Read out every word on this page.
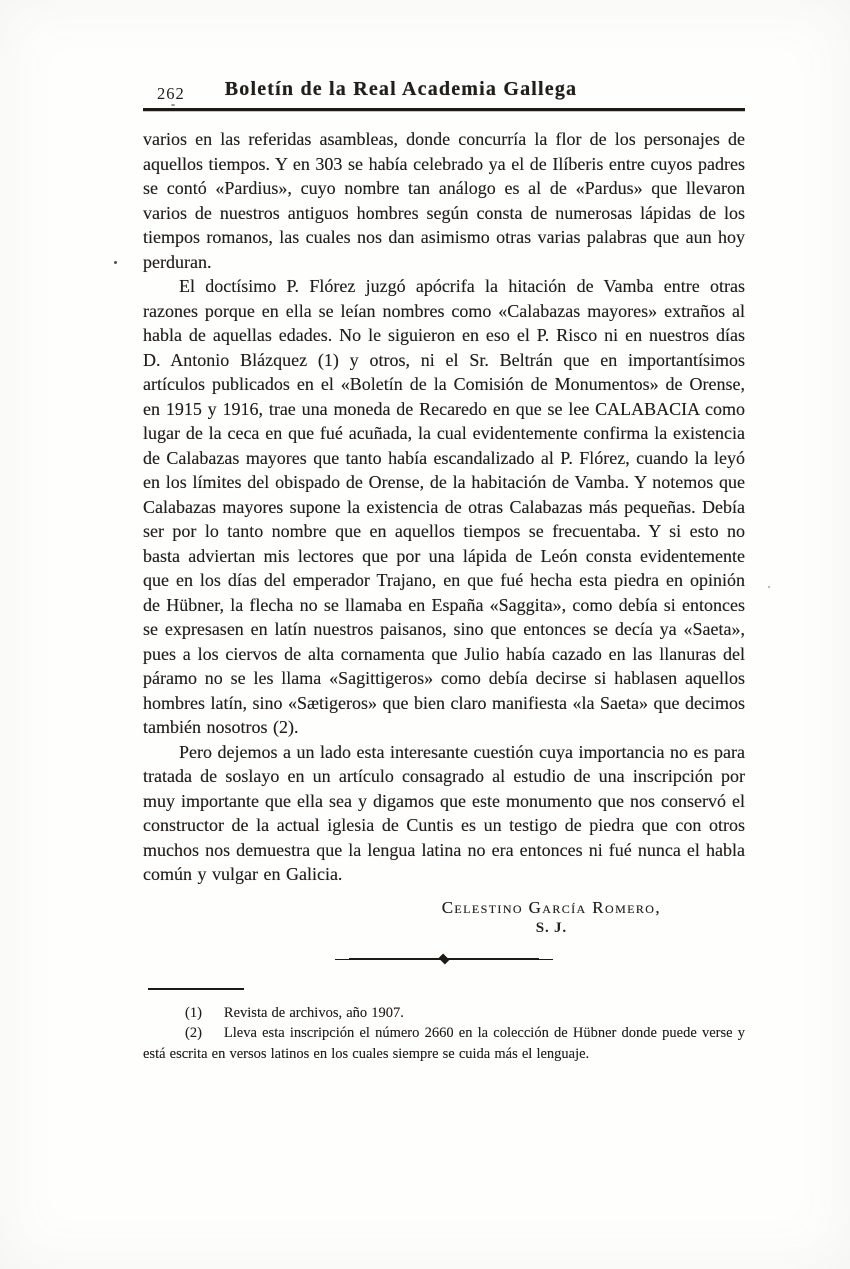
262	Boletín de la Real Academia Gallega

varios en las referidas asambleas, donde concurría la flor de los personajes de aquellos tiempos. Y en 303 se había celebrado ya el de Ilíberis entre cuyos padres se contó «Pardius», cuyo nombre tan análogo es al de «Pardus» que llevaron varios de nuestros antiguos hombres según consta de numerosas lápidas de los tiempos romanos, las cuales nos dan asimismo otras varias palabras que aun hoy perduran.

El doctísimo P. Flórez juzgó apócrifa la hitación de Vamba entre otras razones porque en ella se leían nombres como «Calabazas mayores» extraños al habla de aquellas edades. No le siguieron en eso el P. Risco ni en nuestros días D. Antonio Blázquez (1) y otros, ni el Sr. Beltrán que en importantísimos artículos publicados en el «Boletín de la Comisión de Monumentos» de Orense, en 1915 y 1916, trae una moneda de Recaredo en que se lee CALABACIA como lugar de la ceca en que fué acuñada, la cual evidentemente confirma la existencia de Calabazas mayores que tanto había escandalizado al P. Flórez, cuando la leyó en los límites del obispado de Orense, de la habitación de Vamba. Y notemos que Calabazas mayores supone la existencia de otras Calabazas más pequeñas. Debía ser por lo tanto nombre que en aquellos tiempos se frecuentaba. Y si esto no basta adviertan mis lectores que por una lápida de León consta evidentemente que en los días del emperador Trajano, en que fué hecha esta piedra en opinión de Hübner, la flecha no se llamaba en España «Saggita», como debía si entonces se expresasen en latín nuestros paisanos, sino que entonces se decía ya «Saeta», pues a los ciervos de alta cornamenta que Julio había cazado en las llanuras del páramo no se les llama «Sagittigeros» como debía decirse si hablasen aquellos hombres latín, sino «Sætigeros» que bien claro manifiesta «la Saeta» que decimos también nosotros (2).

Pero dejemos a un lado esta interesante cuestión cuya importancia no es para tratada de soslayo en un artículo consagrado al estudio de una inscripción por muy importante que ella sea y digamos que este monumento que nos conservó el constructor de la actual iglesia de Cuntis es un testigo de piedra que con otros muchos nos demuestra que la lengua latina no era entonces ni fué nunca el habla común y vulgar en Galicia.

Celestino García Romero,
S. J.

(1) Revista de archivos, año 1907.

(2) Lleva esta inscripción el número 2660 en la colección de Hübner donde puede verse y está escrita en versos latinos en los cuales siempre se cuida más el lenguaje.
